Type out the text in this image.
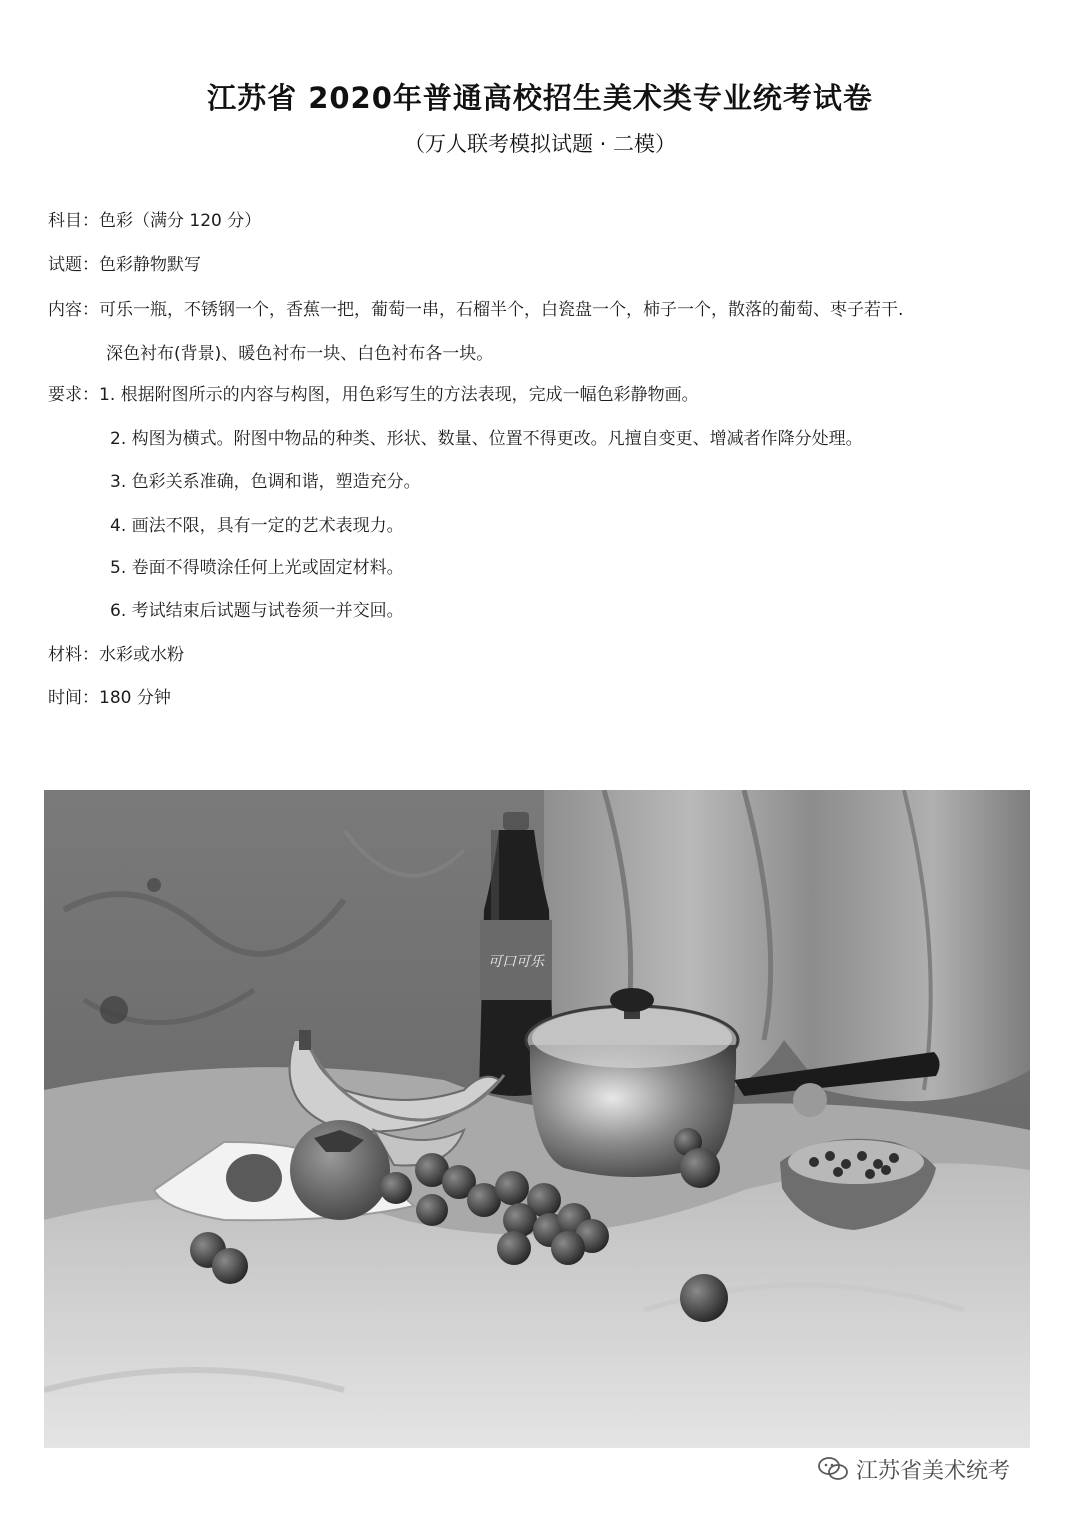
江苏省 2020年普通高校招生美术类专业统考试卷
（万人联考模拟试题 · 二模）
科目：色彩（满分 120 分）
试题：色彩静物默写
内容：可乐一瓶，不锈钢一个，香蕉一把，葡萄一串，石榴半个，白瓷盘一个，柿子一个，散落的葡萄、枣子若干.
深色衬布(背景)、暖色衬布一块、白色衬布各一块。
要求：1. 根据附图所示的内容与构图，用色彩写生的方法表现，完成一幅色彩静物画。
2. 构图为横式。附图中物品的种类、形状、数量、位置不得更改。凡擅自变更、增减者作降分处理。
3. 色彩关系准确，色调和谐，塑造充分。
4. 画法不限，具有一定的艺术表现力。
5. 卷面不得喷涂任何上光或固定材料。
6. 考试结束后试题与试卷须一并交回。
材料：水彩或水粉
时间：180 分钟
可口可乐
江苏省美术统考
